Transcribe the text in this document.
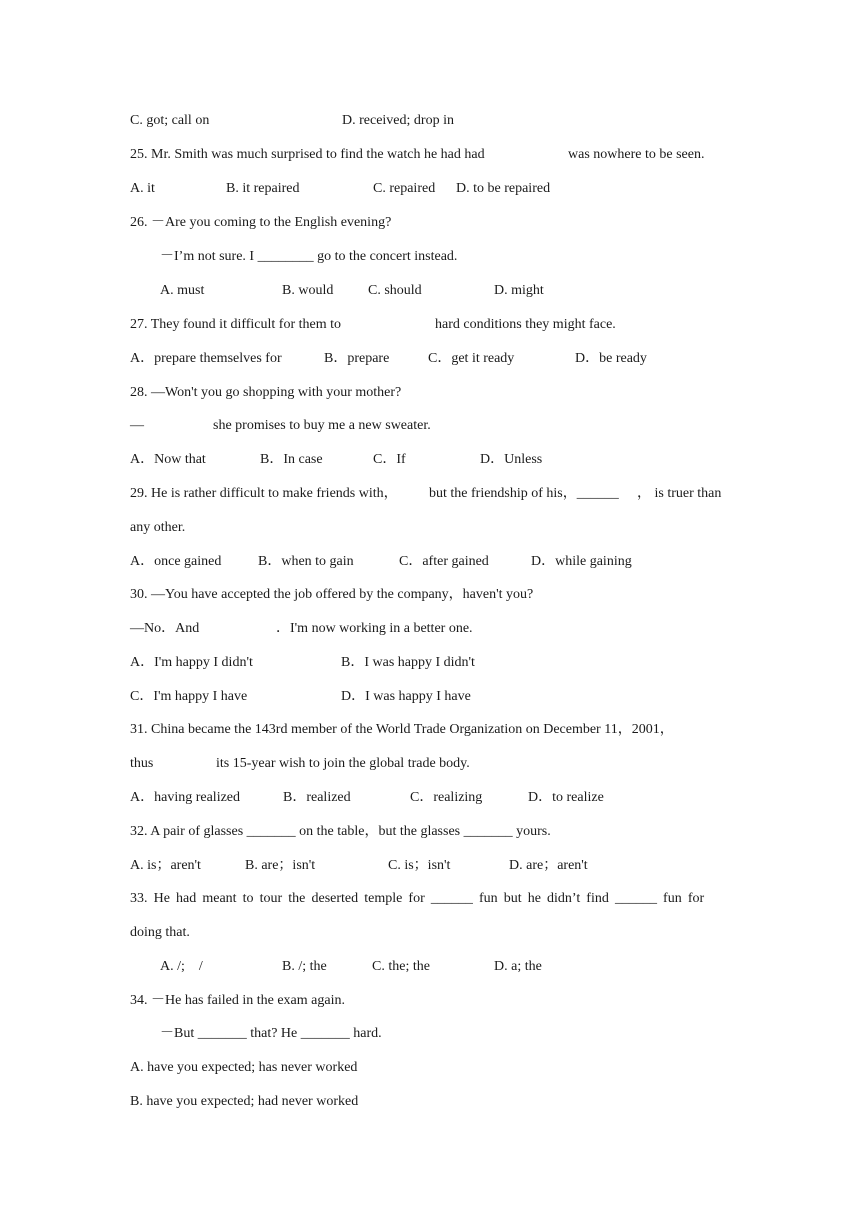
C. got; call on	D. received; drop in
25. Mr. Smith was much surprised to find the watch he had had	was nowhere to be seen.
A. it	B. it repaired	C. repaired D. to be repaired
26. －Are you coming to the English evening?
－I’m not sure. I ________ go to the concert instead.
A. must	B. would C. should	D. might
27. They found it difficult for them to	hard conditions they might face.
A．prepare themselves for	B．prepare	C．get it ready	D．be ready
28. —Won't you go shopping with your mother?
—	she promises to buy me a new sweater.
A．Now that	B．In case	C．If	D．Unless
29. He is rather difficult to make friends with， but the friendship of his，______ ， is truer than
any other.
A．once gained	B．when to gain	C．after gained	D．while gaining
30. —You have accepted the job offered by the company，haven't you?
—No．And	．I'm now working in a better one.
A．I'm happy I didn't	B．I was happy I didn't
C．I'm happy I have	D．I was happy I have
31. China became the 143rd member of the World Trade Organization on December 11，2001，
thus	its 15-year wish to join the global trade body.
A．having realized	B．realized	C．realizing	D．to realize
32. A pair of glasses _______ on the table，but the glasses _______ yours.
A. is；aren't	B. are；isn't	C. is；isn't	D. are；aren't
33. He had meant to tour the deserted temple for ______ fun but he didn’t find ______ fun for
doing that.
A. /;    /	B. /; the	C. the; the	D. a; the
34. －He has failed in the exam again.
－But _______ that? He _______ hard.
A. have you expected; has never worked
B. have you expected; had never worked
